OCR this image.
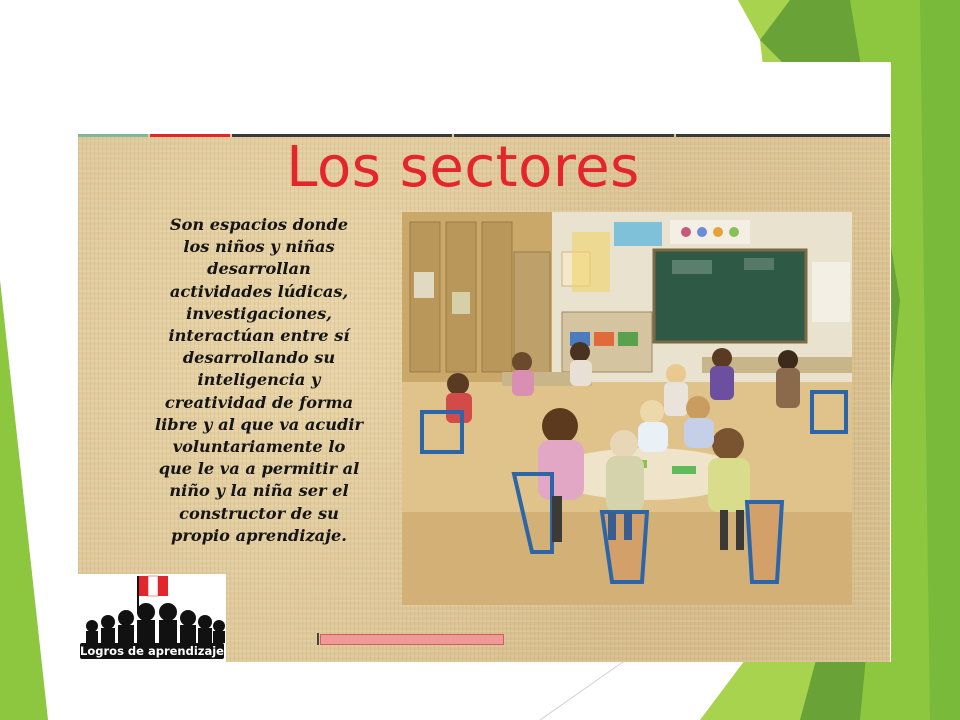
Los sectores
Son espacios donde
los niños y niñas
desarrollan
actividades lúdicas,
investigaciones,
interactúan entre sí
desarrollando su
inteligencia y
creatividad de forma
libre y al que va acudir
voluntariamente lo
que le va a permitir al
niño y la niña ser el
constructor de su
propio aprendizaje.
Logros de aprendizaje
